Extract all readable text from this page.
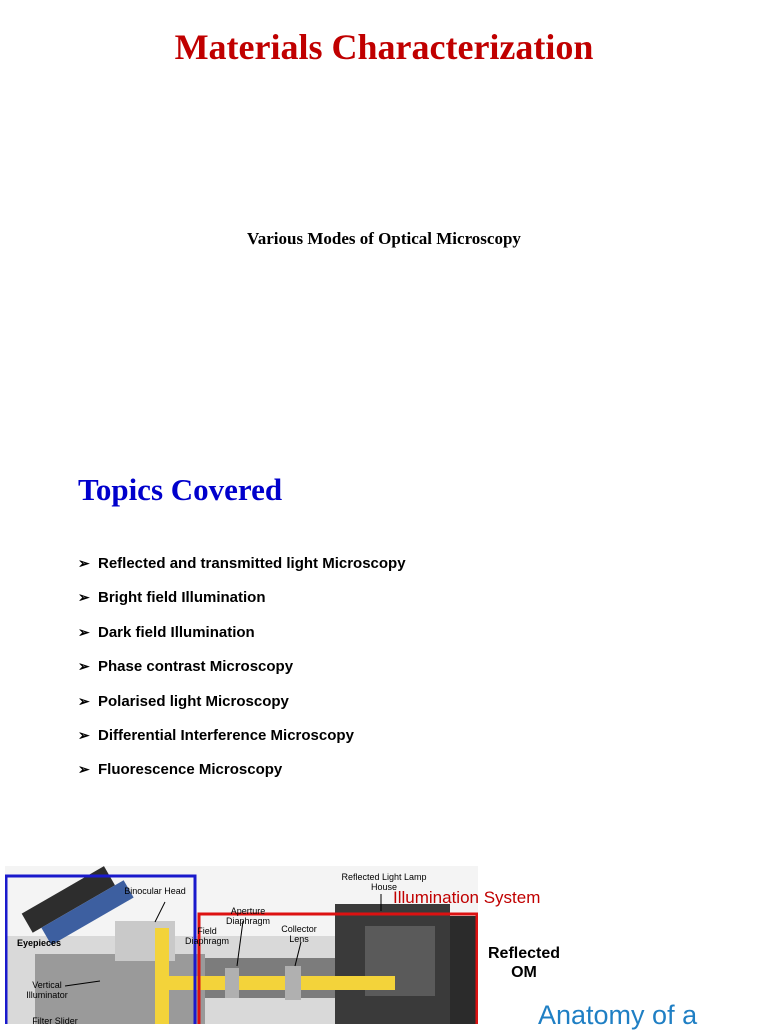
Materials Characterization
Various Modes of Optical Microscopy
Topics Covered
➢ Reflected and transmitted light Microscopy
➢ Bright field Illumination
➢ Dark field Illumination
➢ Phase contrast Microscopy
➢ Polarised light Microscopy
➢ Differential Interference Microscopy
➢ Fluorescence Microscopy
Binocular Head
Eyepieces
Vertical Illuminator
Filter Slider
Aperture Diaphragm
Field Diaphragm
Collector Lens
Reflected Light Lamp House
Illumination System
Reflected
OM
Anatomy of a
